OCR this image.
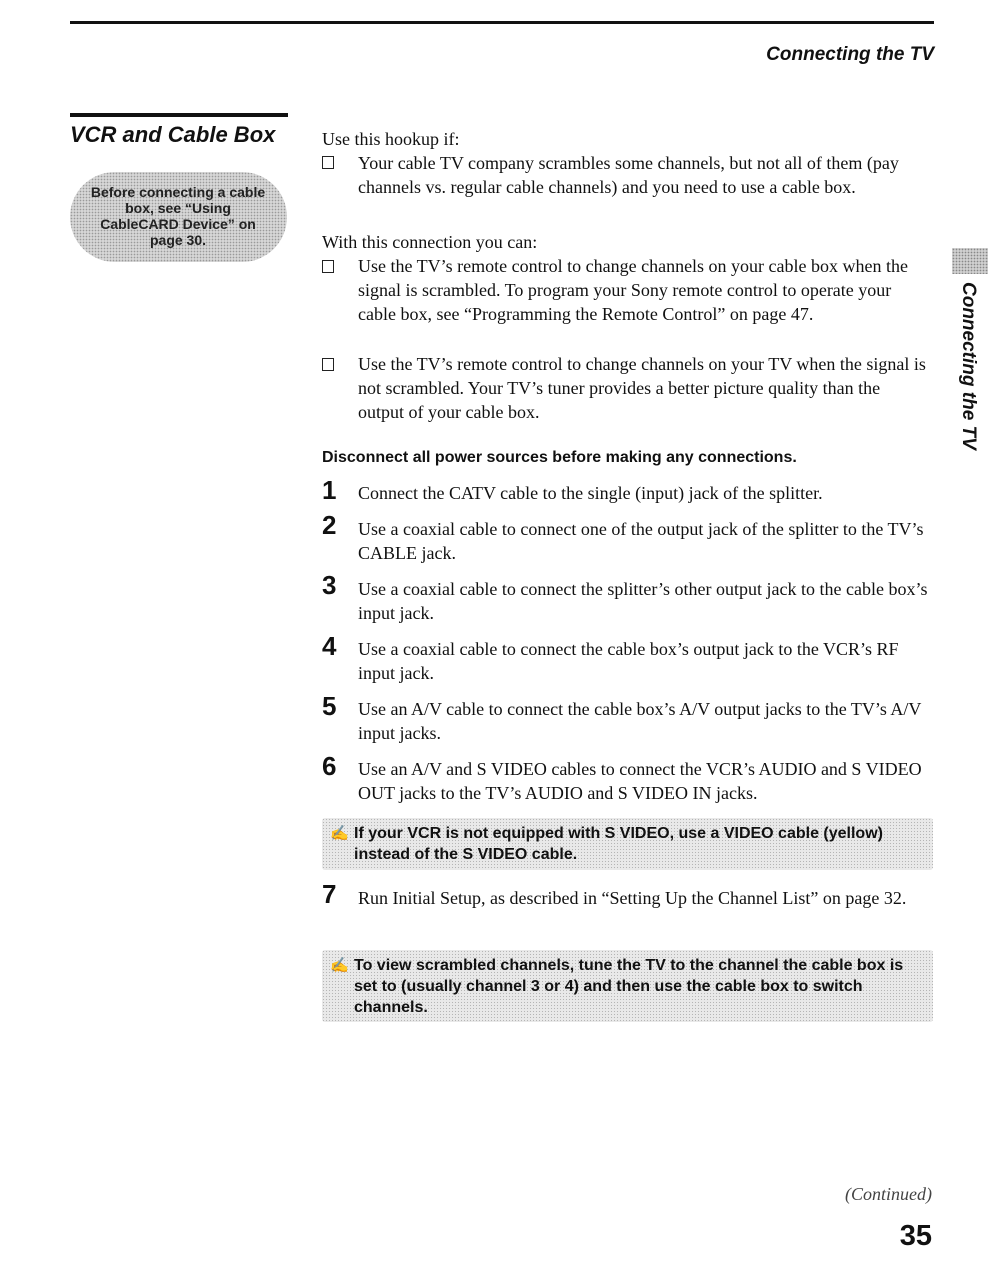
Connecting the TV
VCR and Cable Box
Before connecting a cable box, see “Using CableCARD Device” on page 30.
Connecting the TV
Use this hookup if:
Your cable TV company scrambles some channels, but not all of them (pay channels vs. regular cable channels) and you need to use a cable box.
With this connection you can:
Use the TV’s remote control to change channels on your cable box when the signal is scrambled. To program your Sony remote control to operate your cable box, see “Programming the Remote Control” on page 47.
Use the TV’s remote control to change channels on your TV when the signal is not scrambled. Your TV’s tuner provides a better picture quality than the output of your cable box.
Disconnect all power sources before making any connections.
1 Connect the CATV cable to the single (input) jack of the splitter.
2 Use a coaxial cable to connect one of the output jack of the splitter to the TV’s CABLE jack.
3 Use a coaxial cable to connect the splitter’s other output jack to the cable box’s input jack.
4 Use a coaxial cable to connect the cable box’s output jack to the VCR’s RF input jack.
5 Use an A/V cable to connect the cable box’s A/V output jacks to the TV’s A/V input jacks.
6 Use an A/V and S VIDEO cables to connect the VCR’s AUDIO and S VIDEO OUT jacks to the TV’s AUDIO and S VIDEO IN jacks.
✍ If your VCR is not equipped with S VIDEO, use a VIDEO cable (yellow) instead of the S VIDEO cable.
7 Run Initial Setup, as described in “Setting Up the Channel List” on page 32.
✍ To view scrambled channels, tune the TV to the channel the cable box is set to (usually channel 3 or 4) and then use the cable box to switch channels.
(Continued)
35
